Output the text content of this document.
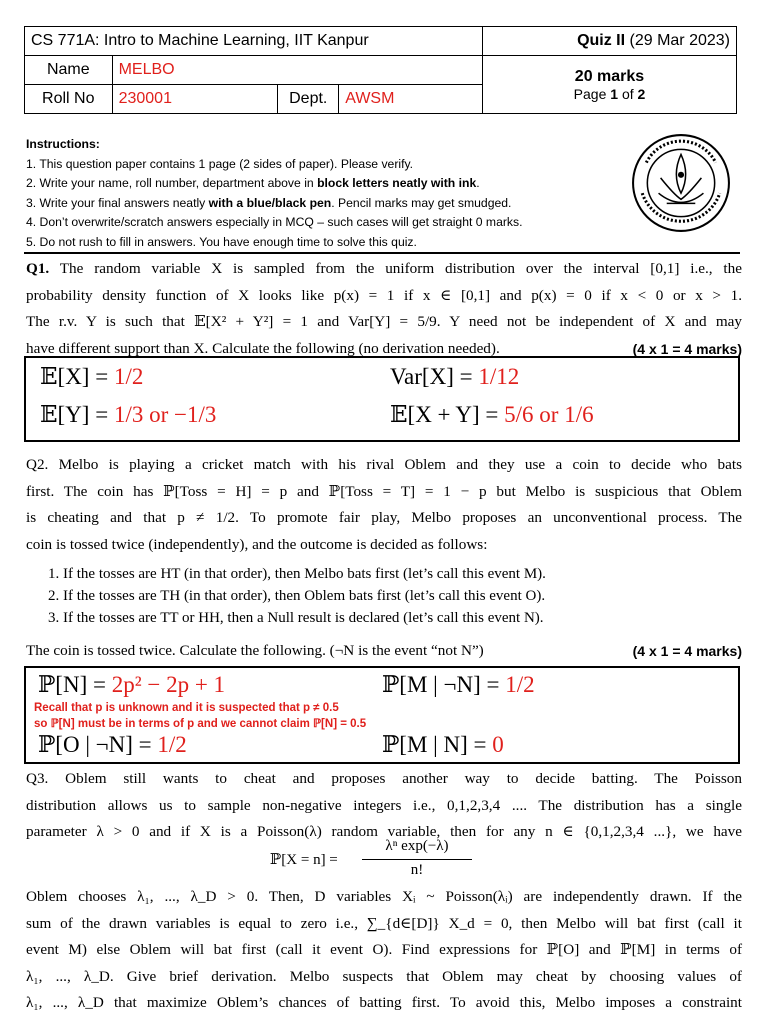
CS 771A: Intro to Machine Learning, IIT Kanpur			Quiz II (29 Mar 2023)
Name	MELBO		20 marks
Page 1 of 2

Roll No	230001	Dept. AWSM	
Instructions:
1. This question paper contains 1 page (2 sides of paper). Please verify.
2. Write your name, roll number, department above in block letters neatly with ink.
3. Write your final answers neatly with a blue/black pen. Pencil marks may get smudged.
4. Don’t overwrite/scratch answers especially in MCQ – such cases will get straight 0 marks.
5. Do not rush to fill in answers. You have enough time to solve this quiz.
Q1. The random variable X is sampled from the uniform distribution over the interval [0,1] i.e., the
probability density function of X looks like p(x) = 1 if x ∈ [0,1] and p(x) = 0 if x < 0 or x > 1.
The r.v. Y is such that 𝔼[X² + Y²] = 1 and Var[Y] = 5/9. Y need not be independent of X and may
have different support than X. Calculate the following (no derivation needed).	(4 x 1 = 4 marks)
𝔼[X] = 1/2	Var[X] = 1/12
𝔼[Y] = 1/3 or −1/3	𝔼[X + Y] = 5/6 or 1/6
Q2. Melbo is playing a cricket match with his rival Oblem and they use a coin to decide who bats
first. The coin has ℙ[Toss = H] = p and ℙ[Toss = T] = 1 − p but Melbo is suspicious that Oblem
is cheating and that p ≠ 1/2. To promote fair play, Melbo proposes an unconventional process. The
coin is tossed twice (independently), and the outcome is decided as follows:
1. If the tosses are HT (in that order), then Melbo bats first (let’s call this event M).
2. If the tosses are TH (in that order), then Oblem bats first (let’s call this event O).
3. If the tosses are TT or HH, then a Null result is declared (let’s call this event N).
The coin is tossed twice. Calculate the following. (¬N is the event “not N”)	(4 x 1 = 4 marks)
ℙ[N] = 2p² − 2p + 1	ℙ[M | ¬N] = 1/2
Recall that p is unknown and it is suspected that p ≠ 0.5
so ℙ[N] must be in terms of p and we cannot claim ℙ[N] = 0.5
ℙ[O | ¬N] = 1/2	ℙ[M | N] = 0
Q3. Oblem still wants to cheat and proposes another way to decide batting. The Poisson
distribution allows us to sample non-negative integers i.e., 0,1,2,3,4 .... The distribution has a single
parameter λ > 0 and if X is a Poisson(λ) random variable, then for any n ∈ {0,1,2,3,4 ...}, we have
ℙ[X = n] =
λⁿ exp(−λ)
n!
Oblem chooses λ₁, ..., λ_D > 0. Then, D variables Xᵢ ~ Poisson(λᵢ) are independently drawn. If the
sum of the drawn variables is equal to zero i.e., ∑_{d∈[D]} X_d = 0, then Melbo will bat first (call it
event M) else Oblem will bat first (call it event O). Find expressions for ℙ[O] and ℙ[M] in terms of
λ₁, ..., λ_D. Give brief derivation. Melbo suspects that Oblem may cheat by choosing values of
λ₁, ..., λ_D that maximize Oblem’s chances of batting first. To avoid this, Melbo imposes a constraint
